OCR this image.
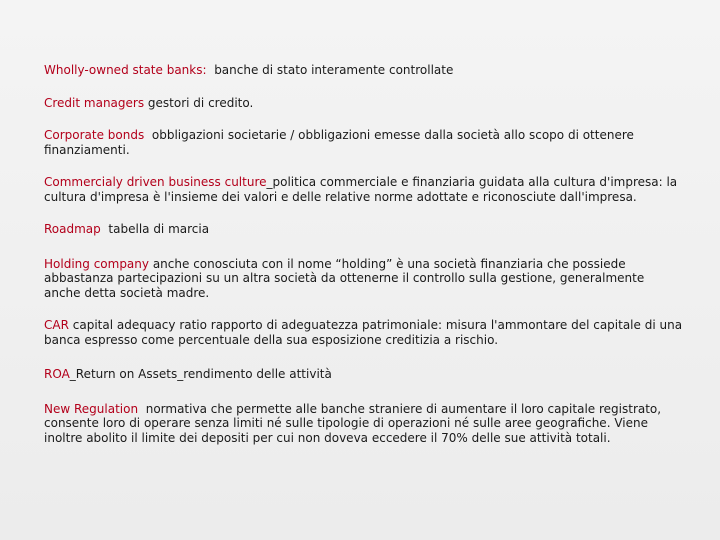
Wholly-owned state banks: banche di stato interamente controllate

Credit managers gestori di credito.

Corporate bonds obbligazioni societarie / obbligazioni emesse dalla società allo scopo di ottenere finanziamenti.

Commercialy driven business culture_politica commerciale e finanziaria guidata alla cultura d'impresa: la cultura d'impresa è l'insieme dei valori e delle relative norme adottate e riconosciute dall'impresa.

Roadmap tabella di marcia

Holding company anche conosciuta con il nome “holding” è una società finanziaria che possiede abbastanza partecipazioni su un altra società da ottenerne il controllo sulla gestione, generalmente anche detta società madre.

CAR capital adequacy ratio rapporto di adeguatezza patrimoniale: misura l'ammontare del capitale di una banca espresso come percentuale della sua esposizione creditizia a rischio.

ROA_Return on Assets_rendimento delle attività

New Regulation normativa che permette alle banche straniere di aumentare il loro capitale registrato, consente loro di operare senza limiti né sulle tipologie di operazioni né sulle aree geografiche. Viene inoltre abolito il limite dei depositi per cui non doveva eccedere il 70% delle sue attività totali.
